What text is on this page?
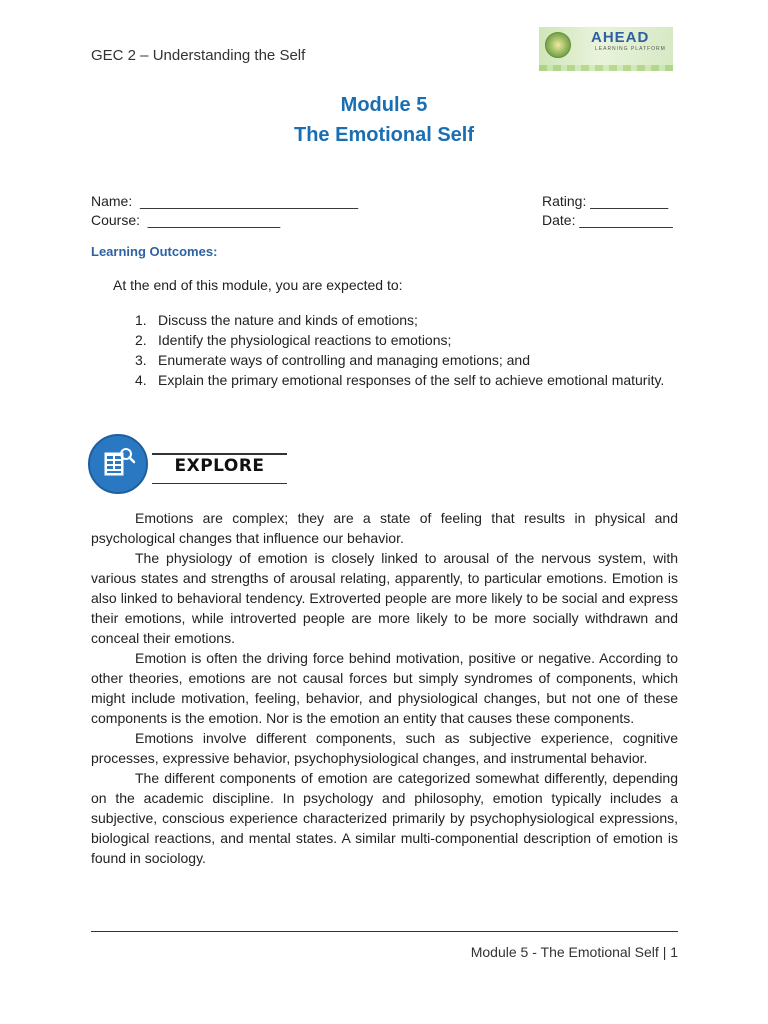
GEC 2 – Understanding the Self
AHEAD
LEARNING PLATFORM
Module 5
The Emotional Self
Name:  ____________________________
Course:  _________________
Rating: __________
Date: ____________
Learning Outcomes:
At the end of this module, you are expected to:
1. Discuss the nature and kinds of emotions;
2. Identify the physiological reactions to emotions;
3. Enumerate ways of controlling and managing emotions; and
4. Explain the primary emotional responses of the self to achieve emotional maturity.
EXPLORE

Emotions are complex; they are a state of feeling that results in physical and psychological changes that influence our behavior.

The physiology of emotion is closely linked to arousal of the nervous system, with various states and strengths of arousal relating, apparently, to particular emotions. Emotion is also linked to behavioral tendency. Extroverted people are more likely to be social and express their emotions, while introverted people are more likely to be more socially withdrawn and conceal their emotions.

Emotion is often the driving force behind motivation, positive or negative. According to other theories, emotions are not causal forces but simply syndromes of components, which might include motivation, feeling, behavior, and physiological changes, but not one of these components is the emotion. Nor is the emotion an entity that causes these components.

Emotions involve different components, such as subjective experience, cognitive processes, expressive behavior, psychophysiological changes, and instrumental behavior.

The different components of emotion are categorized somewhat differently, depending on the academic discipline. In psychology and philosophy, emotion typically includes a subjective, conscious experience characterized primarily by psychophysiological expressions, biological reactions, and mental states. A similar multi-componential description of emotion is found in sociology.

Module 5 - The Emotional Self | 1
